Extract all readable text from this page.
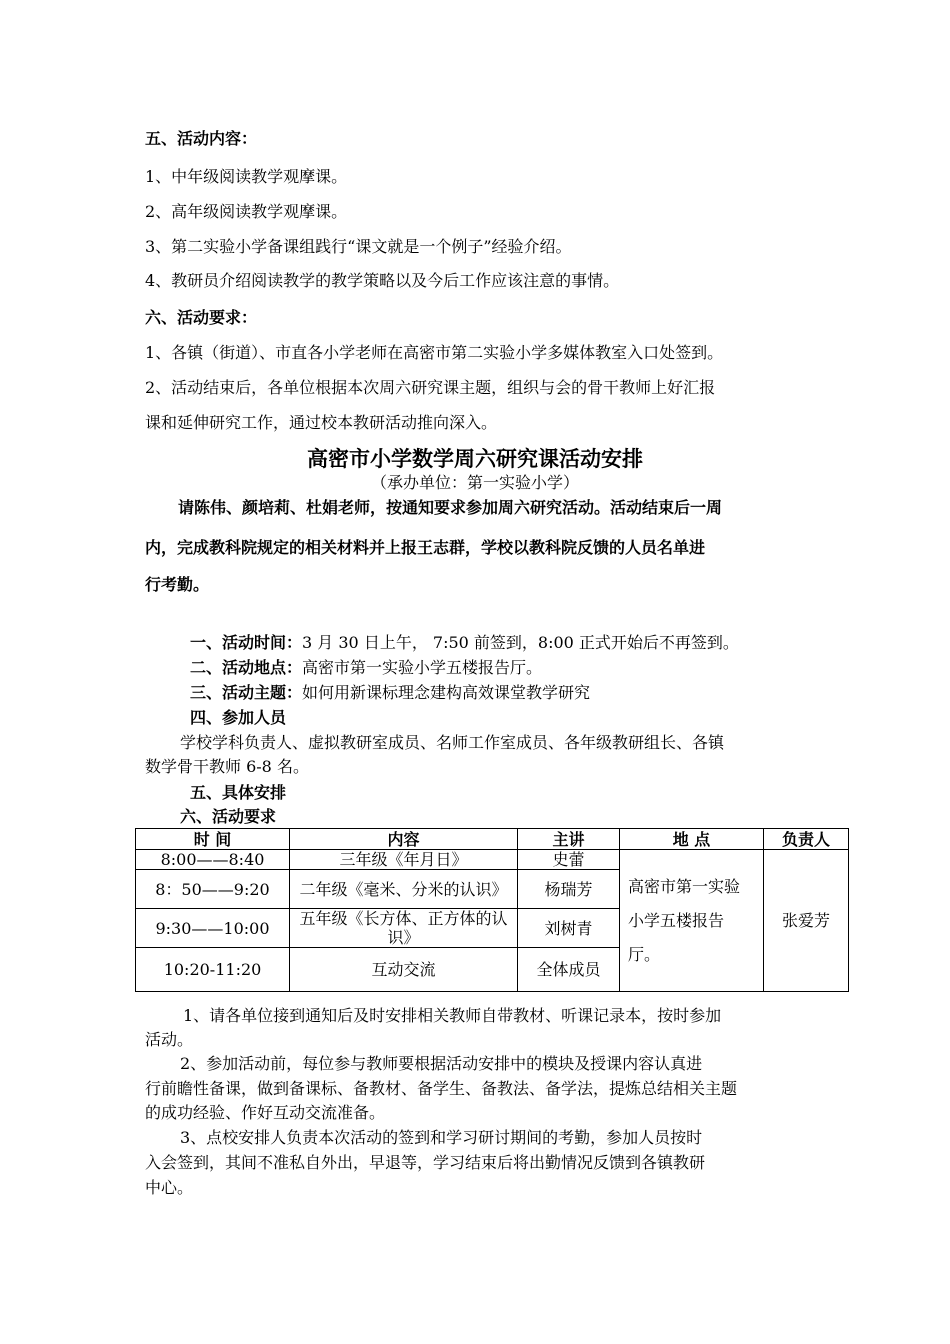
五、活动内容：
1、中年级阅读教学观摩课。
2、高年级阅读教学观摩课。
3、第二实验小学备课组践行“课文就是一个例子”经验介绍。
4、教研员介绍阅读教学的教学策略以及今后工作应该注意的事情。
六、活动要求：
1、各镇（街道）、市直各小学老师在高密市第二实验小学多媒体教室入口处签到。
2、活动结束后，各单位根据本次周六研究课主题，组织与会的骨干教师上好汇报
课和延伸研究工作，通过校本教研活动推向深入。
高密市小学数学周六研究课活动安排
（承办单位：第一实验小学）
请陈伟、颜培莉、杜娟老师，按通知要求参加周六研究活动。活动结束后一周
内，完成教科院规定的相关材料并上报王志群，学校以教科院反馈的人员名单进
行考勤。
一、活动时间：3 月 30 日上午， 7:50 前签到，8:00 正式开始后不再签到。
二、活动地点：高密市第一实验小学五楼报告厅。
三、活动主题：如何用新课标理念建构高效课堂教学研究
四、参加人员
学校学科负责人、虚拟教研室成员、名师工作室成员、各年级教研组长、各镇
数学骨干教师 6-8 名。
五、具体安排
六、活动要求
时 间	内容	主讲	地 点	负责人
8:00——8:40	三年级《年月日》	史蕾	高密市第一实验小学五楼报告厅。	张爱芳
8：50——9:20	二年级《毫米、分米的认识》	杨瑞芳		
9:30——10:00	五年级《长方体、正方体的认识》	刘树青		
10:20-11:20	互动交流	全体成员		
1、请各单位接到通知后及时安排相关教师自带教材、听课记录本，按时参加
活动。
2、参加活动前，每位参与教师要根据活动安排中的模块及授课内容认真进
行前瞻性备课，做到备课标、备教材、备学生、备教法、备学法，提炼总结相关主题
的成功经验、作好互动交流准备。
3、点校安排人负责本次活动的签到和学习研讨期间的考勤，参加人员按时
入会签到，其间不准私自外出，早退等，学习结束后将出勤情况反馈到各镇教研
中心。
